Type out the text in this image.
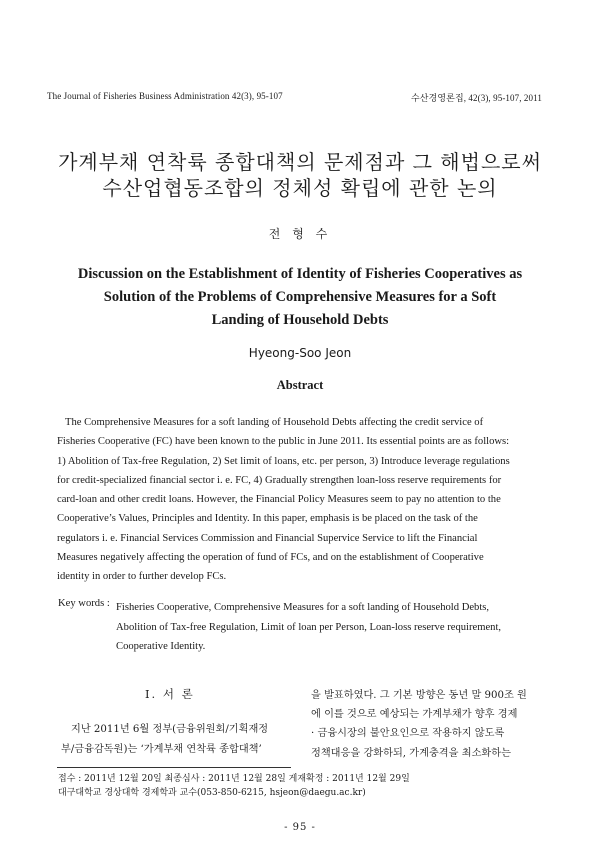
The Journal of Fisheries Business Administration 42(3), 95-107	수산경영론집, 42(3), 95-107, 2011
가계부채 연착륙 종합대책의 문제점과 그 해법으로써
수산업협동조합의 정체성 확립에 관한 논의
전 형 수
Discussion on the Establishment of Identity of Fisheries Cooperatives as
Solution of the Problems of Comprehensive Measures for a Soft
Landing of Household Debts
Hyeong-Soo Jeon
Abstract

The Comprehensive Measures for a soft landing of Household Debts affecting the credit service of
Fisheries Cooperative (FC) have been known to the public in June 2011. Its essential points are as follows:
1) Abolition of Tax-free Regulation, 2) Set limit of loans, etc. per person, 3) Introduce leverage regulations
for credit-specialized financial sector i. e. FC, 4) Gradually strengthen loan-loss reserve requirements for
card-loan and other credit loans. However, the Financial Policy Measures seem to pay no attention to the
Cooperative’s Values, Principles and Identity. In this paper, emphasis is be placed on the task of the
regulators i. e. Financial Services Commission and Financial Supervice Service to lift the Financial
Measures negatively affecting the operation of fund of FCs, and on the establishment of Cooperative
identity in order to further develop FCs.

Key words : Fisheries Cooperative, Comprehensive Measures for a soft landing of Household Debts,
Abolition of Tax-free Regulation, Limit of loan per Person, Loan-loss reserve requirement,
Cooperative Identity.
Ⅰ. 서 론
지난 2011년 6월 정부(금융위원회/기획재정
부/금융감독원)는 ‘가계부채 연착륙 종합대책’
을 발표하였다. 그 기본 방향은 동년 말 900조 원
에 이를 것으로 예상되는 가계부채가 향후 경제
· 금융시장의 불안요인으로 작용하지 않도록
정책대응을 강화하되, 가계충격을 최소화하는
접수 : 2011년 12월 20일 최종심사 : 2011년 12월 28일 게재확정 : 2011년 12월 29일
대구대학교 경상대학 경제학과 교수(053-850-6215, hsjeon@daegu.ac.kr)
- 95 -
